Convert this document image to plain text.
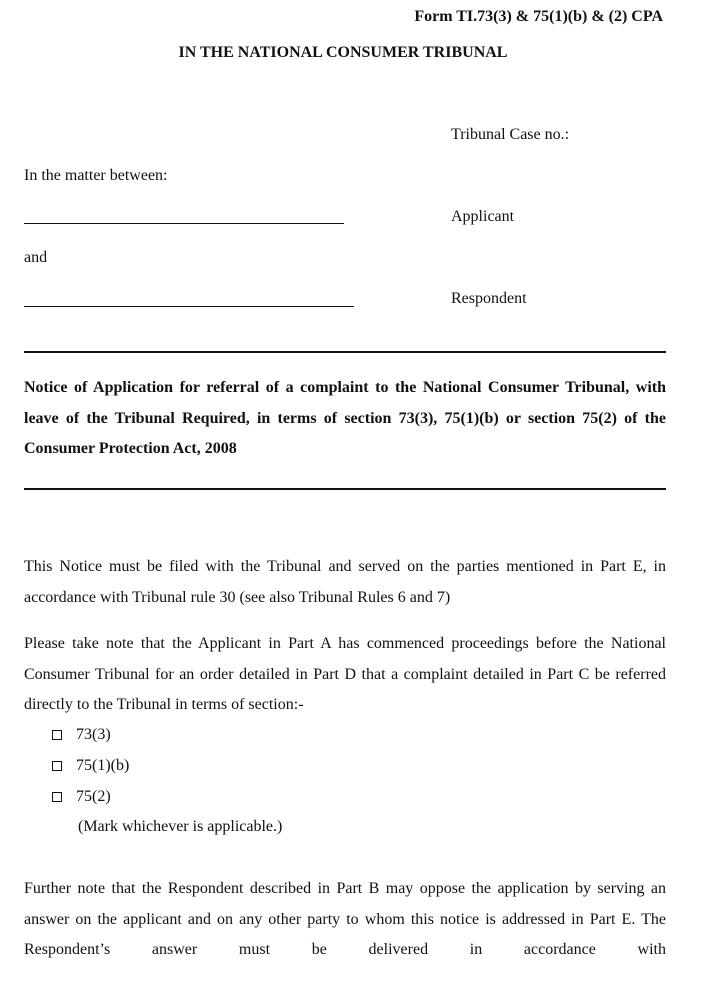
Form TI.73(3) & 75(1)(b) & (2) CPA
IN THE NATIONAL CONSUMER TRIBUNAL
Tribunal Case no.:
In the matter between:
Applicant
and
Respondent
Notice of Application for referral of a complaint to the National Consumer Tribunal, with leave of the Tribunal Required, in terms of section 73(3), 75(1)(b) or section 75(2) of the Consumer Protection Act, 2008
This Notice must be filed with the Tribunal and served on the parties mentioned in Part E, in accordance with Tribunal rule 30 (see also Tribunal Rules 6 and 7)
Please take note that the Applicant in Part A has commenced proceedings before the National Consumer Tribunal for an order detailed in Part D that a complaint detailed in Part C be referred directly to the Tribunal in terms of section:-
73(3)
75(1)(b)
75(2)
(Mark whichever is applicable.)
Further note that the Respondent described in Part B may oppose the application by serving an answer on the applicant and on any other party to whom this notice is addressed in Part E. The Respondent’s answer must be delivered in accordance with
